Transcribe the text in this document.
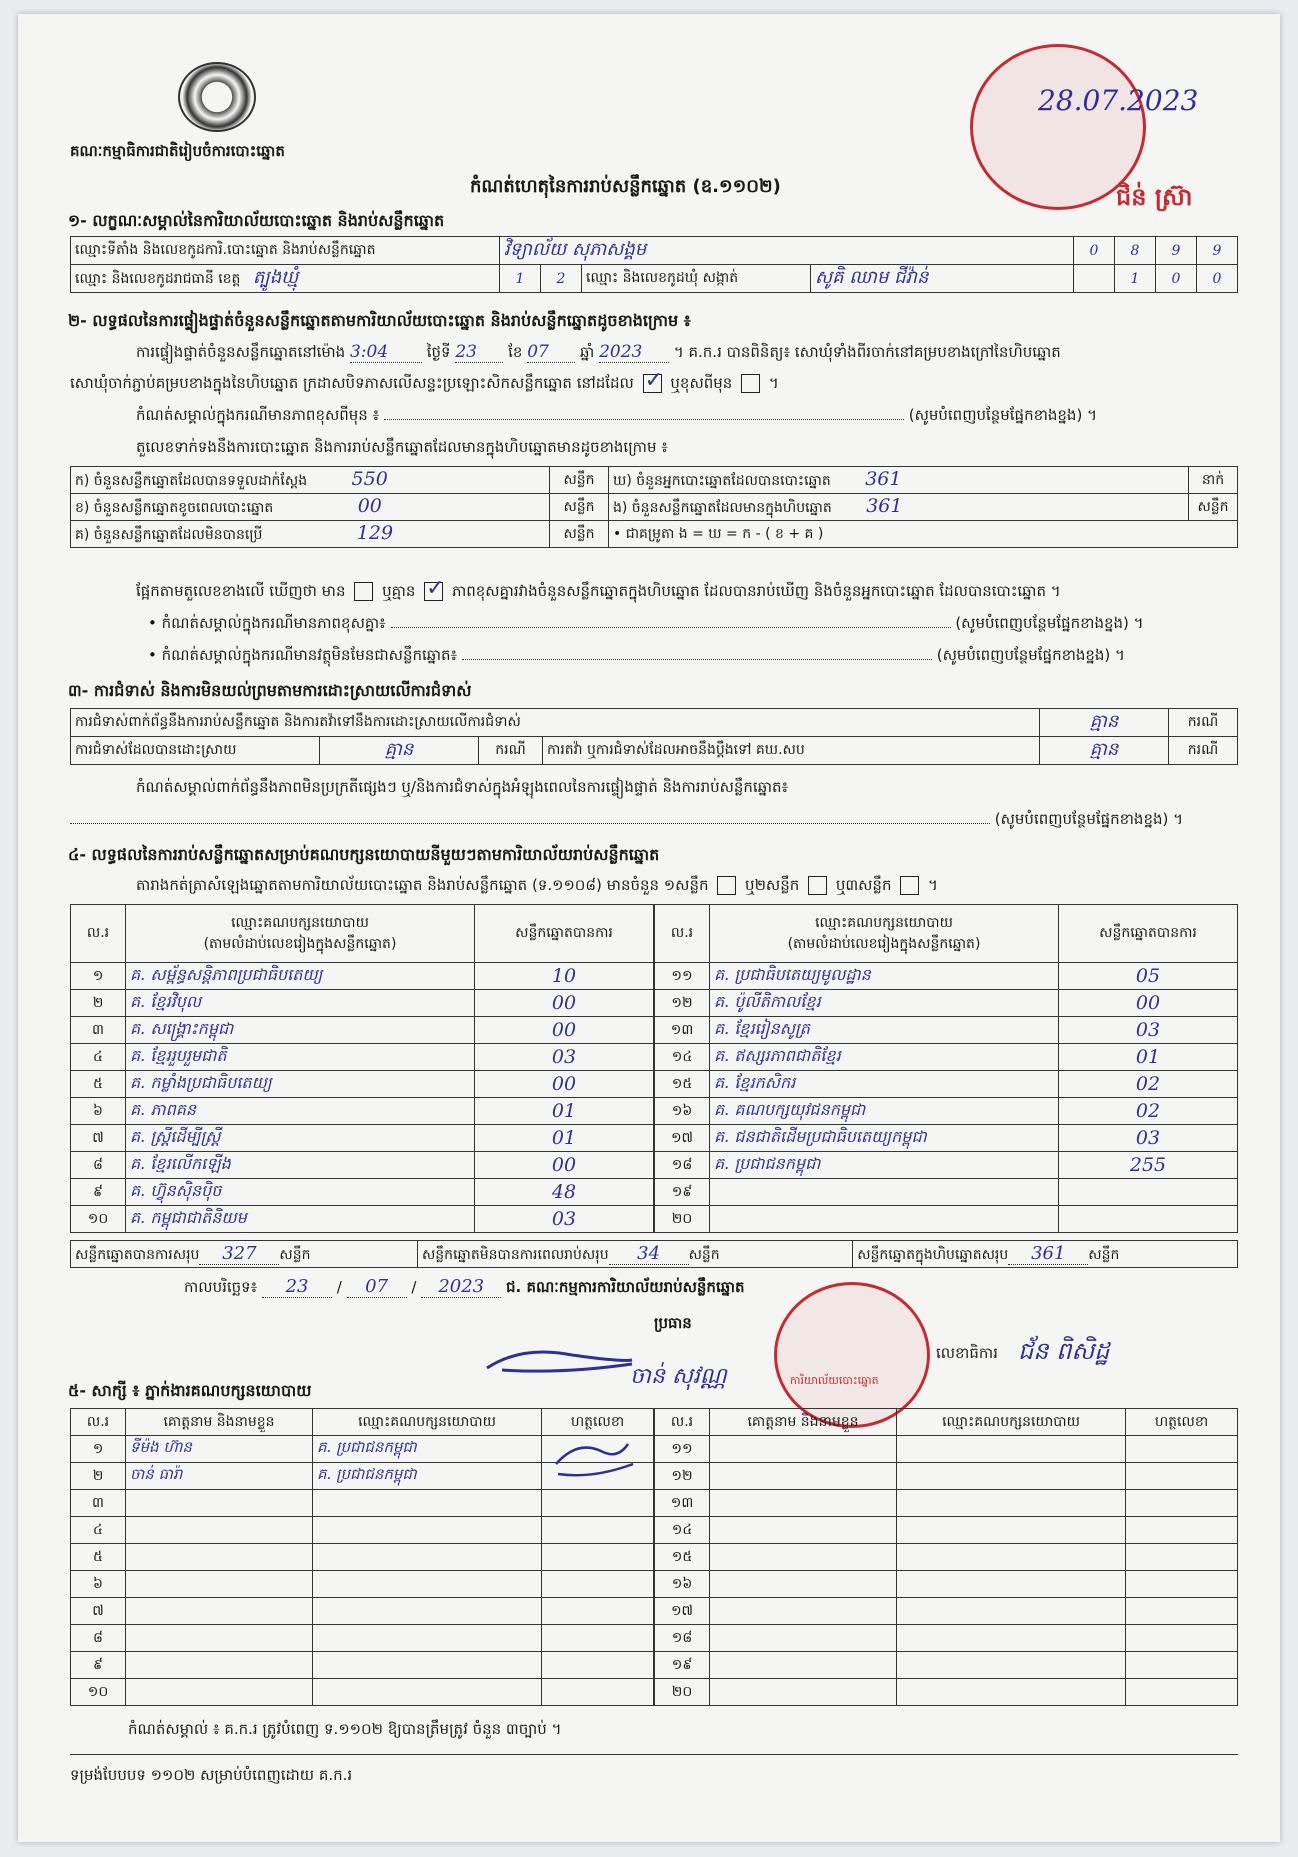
គណៈកម្មាធិការជាតិរៀបចំការបោះឆ្នោត
កំណត់ហេតុនៃការរាប់សន្លឹកឆ្នោត (ឧ.១១០២)
28.07.2023
ជិន់ ស្រ៊ា
១- លក្ខណៈសម្គាល់នៃការិយាល័យបោះឆ្នោត និងរាប់សន្លឹកឆ្នោត
ឈ្មោះទីតាំង និងលេខកូដការិ.បោះឆ្នោត និងរាប់សន្លឹកឆ្នោត	វិទ្យាល័យ សុភាសង្គម				0	8	9	9
ឈ្មោះ និងលេខកូដរាជធានី ខេត្ត ត្បូងឃ្មុំ	1	2	ឈ្មោះ និងលេខកូដឃុំ សង្កាត់	សូគិ ឈាម ជីវ៉ាន់		1	0	0
២- លទ្ធផលនៃការផ្ទៀងផ្ទាត់ចំនួនសន្លឹកឆ្នោតតាមការិយាល័យបោះឆ្នោត និងរាប់សន្លឹកឆ្នោតដូចខាងក្រោម ៖
ការផ្ទៀងផ្ទាត់ចំនួនសន្លឹកឆ្នោតនៅម៉ោង 3:04	ថ្ងៃទី 23 ខែ 07 ឆ្នាំ 2023 ។ គ.ក.រ បានពិនិត្យ៖ សោឃុំទាំងពីរចាក់នៅគម្របខាងក្រៅនៃហិបឆ្នោត
សោឃុំចាក់ភ្ជាប់គម្របខាងក្នុងនៃហិបឆ្នោត ក្រដាសបិទភាសលើសន្ទះប្រឡោះសិកសន្លឹកឆ្នោត នៅដដែល ✓ ឬខុសពីមុន  ។
កំណត់សម្គាល់ក្នុងករណីមានភាពខុសពីមុន ៖	(សូមបំពេញបន្ថែមផ្នែកខាងខ្នង) ។
តួលេខទាក់ទងនឹងការបោះឆ្នោត និងការរាប់សន្លឹកឆ្នោតដែលមានក្នុងហិបឆ្នោតមានដូចខាងក្រោម ៖
ក) ចំនួនសន្លឹកឆ្នោតដែលបានទទួលដាក់ស្តែង 550	សន្លឹក	ឃ) ចំនួនអ្នកបោះឆ្នោតដែលបានបោះឆ្នោត 361	នាក់
ខ) ចំនួនសន្លឹកឆ្នោតខូចពេលបោះឆ្នោត 00	សន្លឹក	ង) ចំនួនសន្លឹកឆ្នោតដែលមានក្នុងហិបឆ្នោត 361	សន្លឹក
គ) ចំនួនសន្លឹកឆ្នោតដែលមិនបានប្រើ 129	សន្លឹក	• ជាគម្រូតា ង = ឃ = ក - ( ខ + គ )	
ផ្អែកតាមតួលេខខាងលើ ឃើញថា មាន ឬគ្មាន ✓ ភាពខុសគ្នារវាងចំនួនសន្លឹកឆ្នោតក្នុងហិបឆ្នោត ដែលបានរាប់ឃើញ និងចំនួនអ្នកបោះឆ្នោត ដែលបានបោះឆ្នោត ។
• កំណត់សម្គាល់ក្នុងករណីមានភាពខុសគ្នា៖	(សូមបំពេញបន្ថែមផ្នែកខាងខ្នង) ។
• កំណត់សម្គាល់ក្នុងករណីមានវត្ថុមិនមែនជាសន្លឹកឆ្នោត៖	(សូមបំពេញបន្ថែមផ្នែកខាងខ្នង) ។
៣- ការជំទាស់ និងការមិនយល់ព្រមតាមការដោះស្រាយលើការជំទាស់
ការជំទាស់ពាក់ព័ន្ធនឹងការរាប់សន្លឹកឆ្នោត និងការតវ៉ាទៅនឹងការដោះស្រាយលើការជំទាស់				គ្មាន	ករណី
ការជំទាស់ដែលបានដោះស្រាយ	គ្មាន	ករណី	ការតវ៉ា ឬការជំទាស់ដែលអាចនឹងប្តឹងទៅ គឃ.សប	គ្មាន	ករណី
កំណត់សម្គាល់ពាក់ព័ន្ធនឹងភាពមិនប្រក្រតីផ្សេងៗ ឬ/និងការជំទាស់ក្នុងអំឡុងពេលនៃការផ្ទៀងផ្ទាត់ និងការរាប់សន្លឹកឆ្នោត៖
(សូមបំពេញបន្ថែមផ្នែកខាងខ្នង) ។
៤- លទ្ធផលនៃការរាប់សន្លឹកឆ្នោតសម្រាប់គណបក្សនយោបាយនីមួយៗតាមការិយាល័យរាប់សន្លឹកឆ្នោត
តារាងកត់ត្រាសំឡេងឆ្នោតតាមការិយាល័យបោះឆ្នោត និងរាប់សន្លឹកឆ្នោត (ទ.១១០៨) មានចំនួន ១សន្លឹក ឬ២សន្លឹក ឬ៣សន្លឹក  ។
ល.រ	ឈ្មោះគណបក្សនយោបាយ
(តាមលំដាប់លេខរៀងក្នុងសន្លឹកឆ្នោត)	សន្លឹកឆ្នោតបានការ
១	គ. សម្ព័ន្ធសន្តិភាពប្រជាធិបតេយ្យ	10
២	គ. ខ្មែរវិបុល	00
៣	គ. សង្គ្រោះកម្ពុជា	00
៤	គ. ខ្មែររួបរួមជាតិ	03
៥	គ. កម្លាំងប្រជាធិបតេយ្យ	00
៦	គ. ភាពគន	01
៧	គ. ស្ត្រីដើម្បីស្ត្រី	01
៨	គ. ខ្មែរលើកឡើង	00
៩	គ. ហ៊្វុនស៊ិនប៉ិច	48
១០	គ. កម្ពុជាជាតិនិយម	03
ល.រ	ឈ្មោះគណបក្សនយោបាយ
(តាមលំដាប់លេខរៀងក្នុងសន្លឹកឆ្នោត)	សន្លឹកឆ្នោតបានការ
១១	គ. ប្រជាធិបតេយ្យមូលដ្ឋាន	05
១២	គ. ប៉ូលីតិកាលខ្មែរ	00
១៣	គ. ខ្មែររៀនសូត្រ	03
១៤	គ. ឥស្សរភាពជាតិខ្មែរ	01
១៥	គ. ខ្មែរកសិករ	02
១៦	គ. គណបក្សយុវជនកម្ពុជា	02
១៧	គ. ជនជាតិដើមប្រជាធិបតេយ្យកម្ពុជា	03
១៨	គ. ប្រជាជនកម្ពុជា	255
១៩		
២០		
សន្លឹកឆ្នោតបានការសរុប 327 សន្លឹក	សន្លឹកឆ្នោតមិនបានការពេលរាប់សរុប 34 សន្លឹក	សន្លឹកឆ្នោតក្នុងហិបឆ្នោតសរុប 361 សន្លឹក
កាលបរិច្ឆេទ៖ 23 / 07 / 2023 ជ. គណៈកម្មការការិយាល័យរាប់សន្លឹកឆ្នោត
ប្រធាន
ការិយាល័យបោះឆ្នោត
ចាន់ សុវណ្ណ
លេខាធិការ ជ័ន ពិសិដ្ឋ
៥- សាក្សី ៖ ភ្នាក់ងារគណបក្សនយោបាយ
ល.រ	គោត្តនាម និងនាមខ្លួន	ឈ្មោះគណបក្សនយោបាយ	ហត្ថលេខា
១	ទីម៉ង ហ៊ាន	គ. ប្រជាជនកម្ពុជា	
២	ចាន់ ធារ៉ា	គ. ប្រជាជនកម្ពុជា	
៣			
៤			
៥			
៦			
៧			
៨			
៩			
១០			
ល.រ	គោត្តនាម និងនាមខ្លួន	ឈ្មោះគណបក្សនយោបាយ	ហត្ថលេខា
១១			
១២			
១៣			
១៤			
១៥			
១៦			
១៧			
១៨			
១៩			
២០			
កំណត់សម្គាល់ ៖ គ.ក.រ ត្រូវបំពេញ ទ.១១០២ ឱ្យបានត្រឹមត្រូវ ចំនួន ៣ច្បាប់ ។
ទម្រង់បែបបទ ១១០២ សម្រាប់បំពេញដោយ គ.ក.រ
